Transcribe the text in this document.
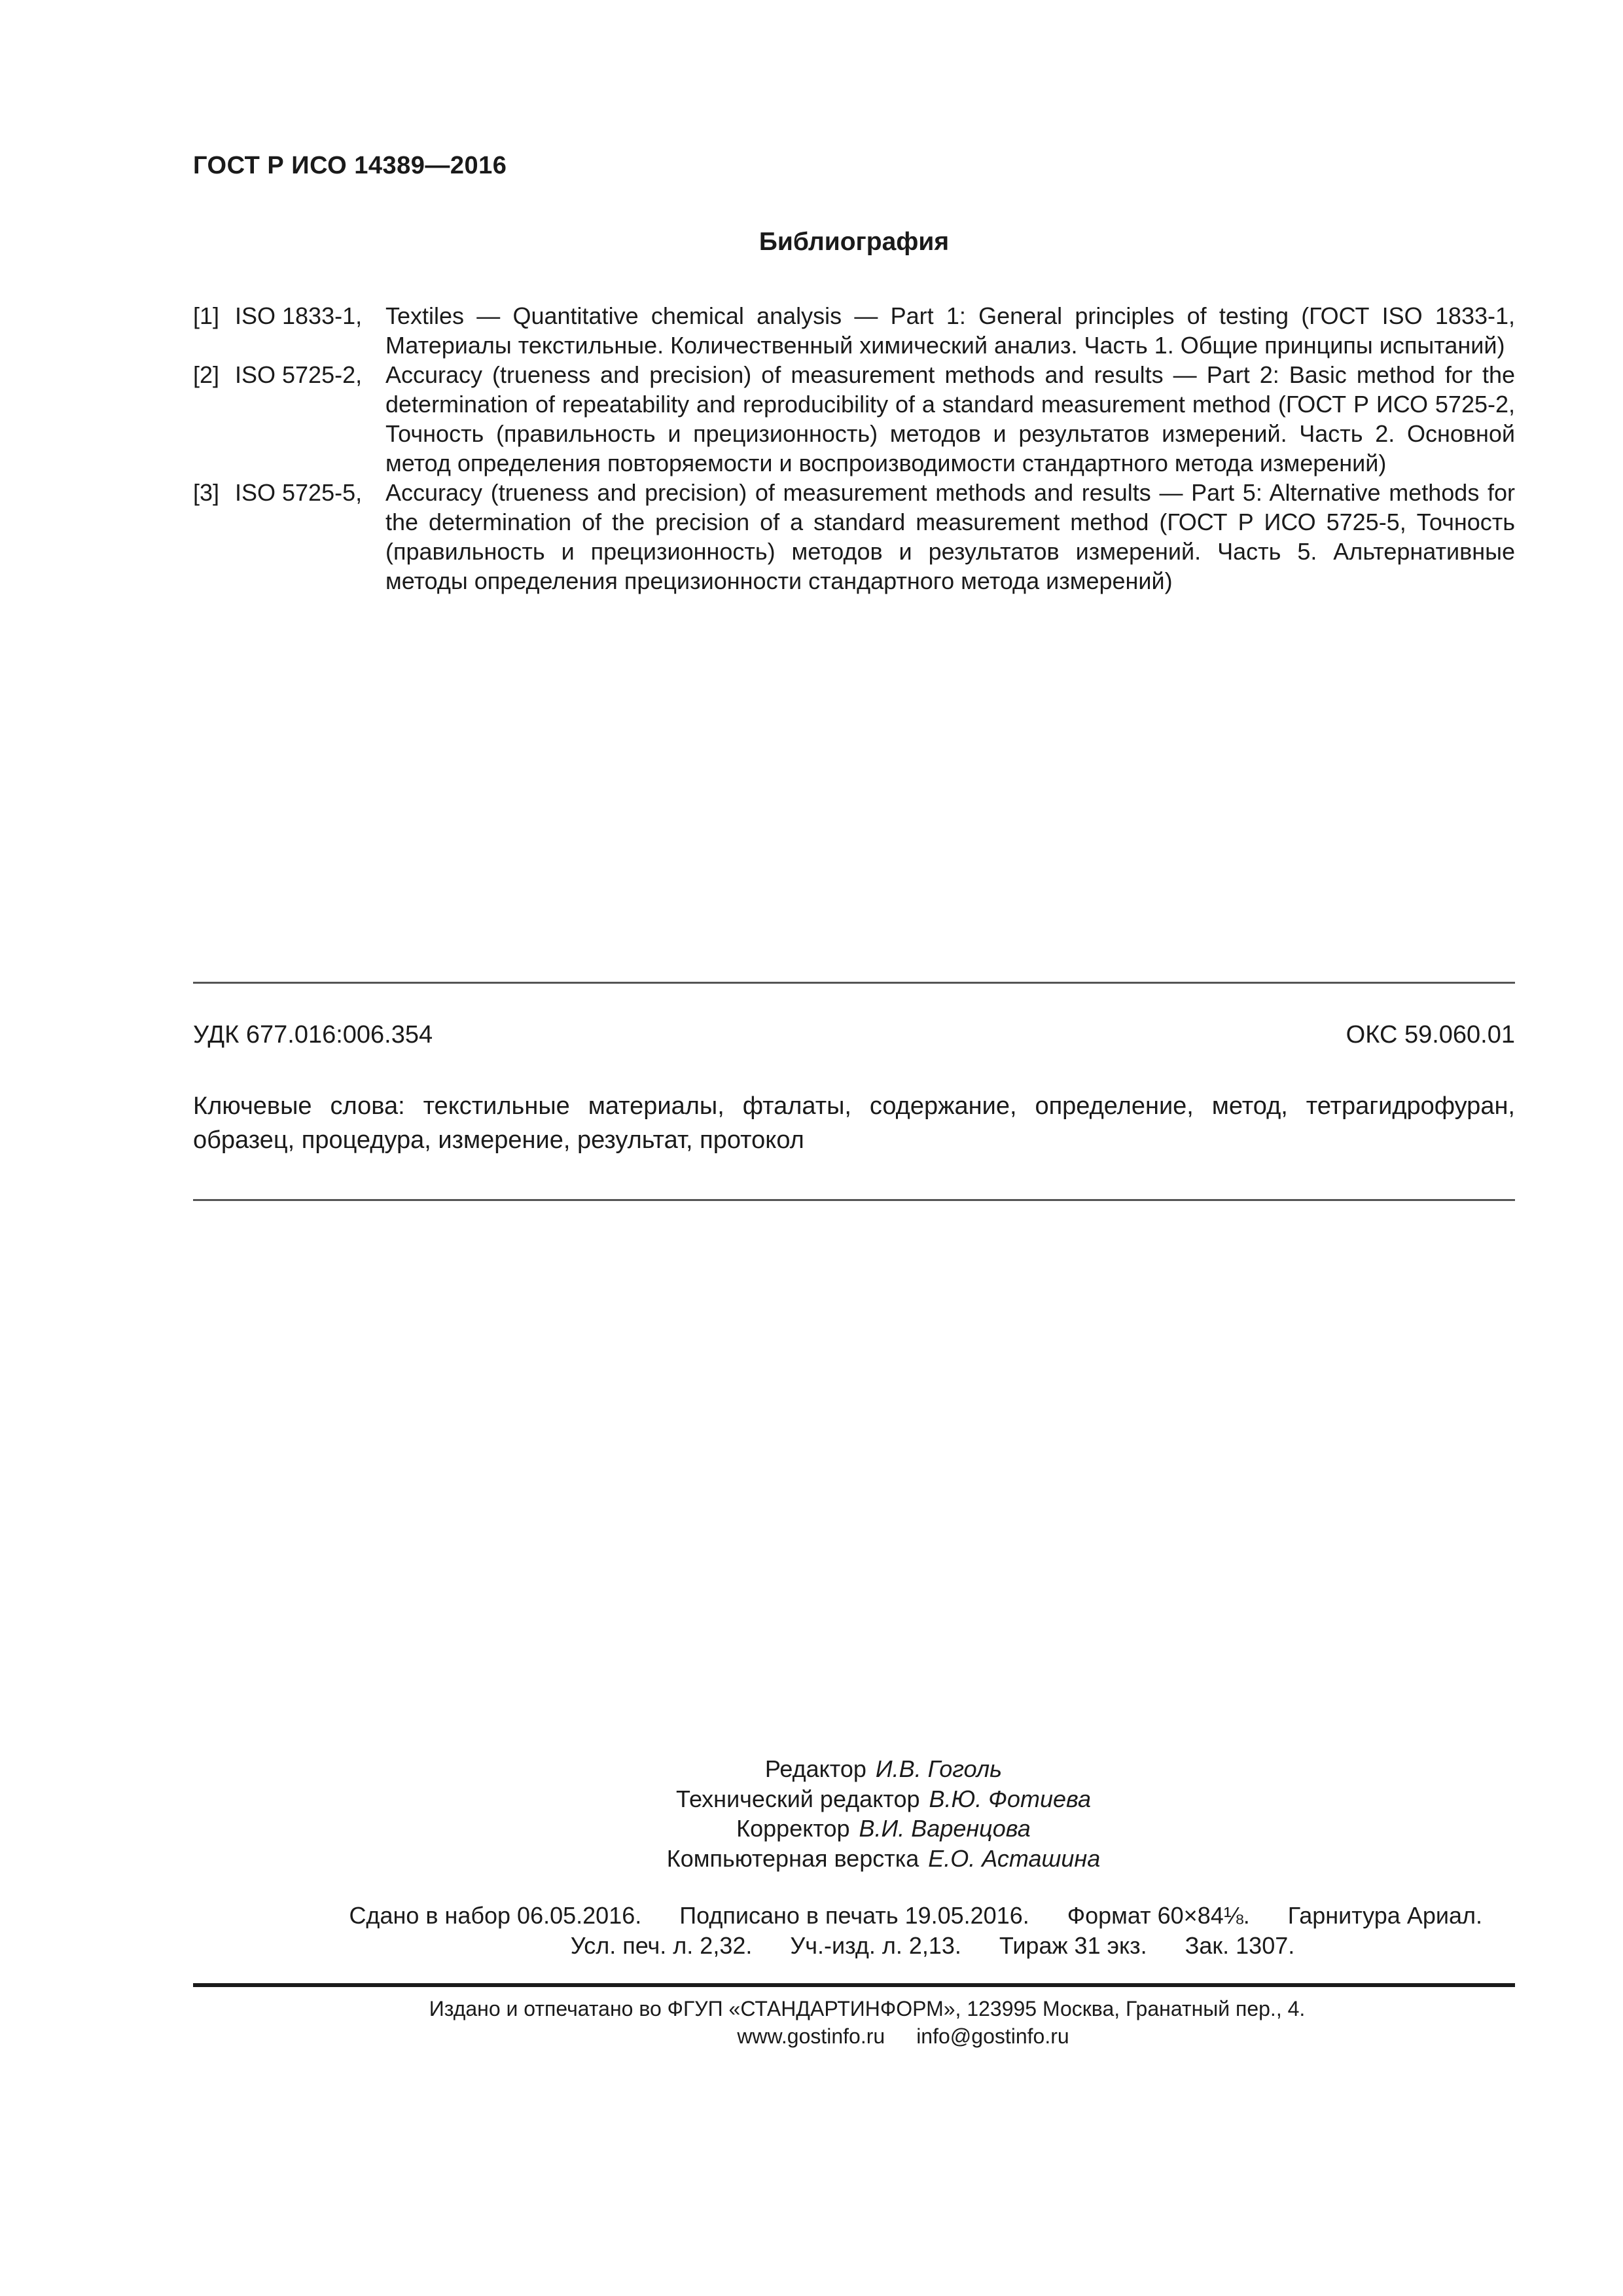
ГОСТ Р ИСО 14389—2016
Библиография
[1] ISO 1833-1, Textiles — Quantitative chemical analysis — Part 1: General principles of testing (ГОСТ ISO 1833-1, Материалы текстильные. Количественный химический анализ. Часть 1. Общие принципы испытаний)
[2] ISO 5725-2, Accuracy (trueness and precision) of measurement methods and results — Part 2: Basic method for the determination of repeatability and reproducibility of a standard measurement method (ГОСТ Р ИСО 5725-2, Точность (правильность и прецизионность) методов и результатов измерений. Часть 2. Основной метод определения повторяемости и воспроизводимости стандартного метода измерений)
[3] ISO 5725-5, Accuracy (trueness and precision) of measurement methods and results — Part 5: Alternative methods for the determination of the precision of a standard measurement method (ГОСТ Р ИСО 5725-5, Точность (правильность и прецизионность) методов и результатов измерений. Часть 5. Альтернативные методы определения прецизионности стандартного метода измерений)
УДК 677.016:006.354	ОКС 59.060.01
Ключевые слова: текстильные материалы, фталаты, содержание, определение, метод, тетрагидрофуран, образец, процедура, измерение, результат, протокол
Редактор И.В. Гоголь
Технический редактор В.Ю. Фотиева
Корректор В.И. Варенцова
Компьютерная верстка Е.О. Асташина
Сдано в набор 06.05.2016. Подписано в печать 19.05.2016. Формат 60×84⅛. Гарнитура Ариал.
Усл. печ. л. 2,32. Уч.-изд. л. 2,13. Тираж 31 экз. Зак. 1307.
Издано и отпечатано во ФГУП «СТАНДАРТИНФОРМ», 123995 Москва, Гранатный пер., 4.
www.gostinfo.ru info@gostinfo.ru
